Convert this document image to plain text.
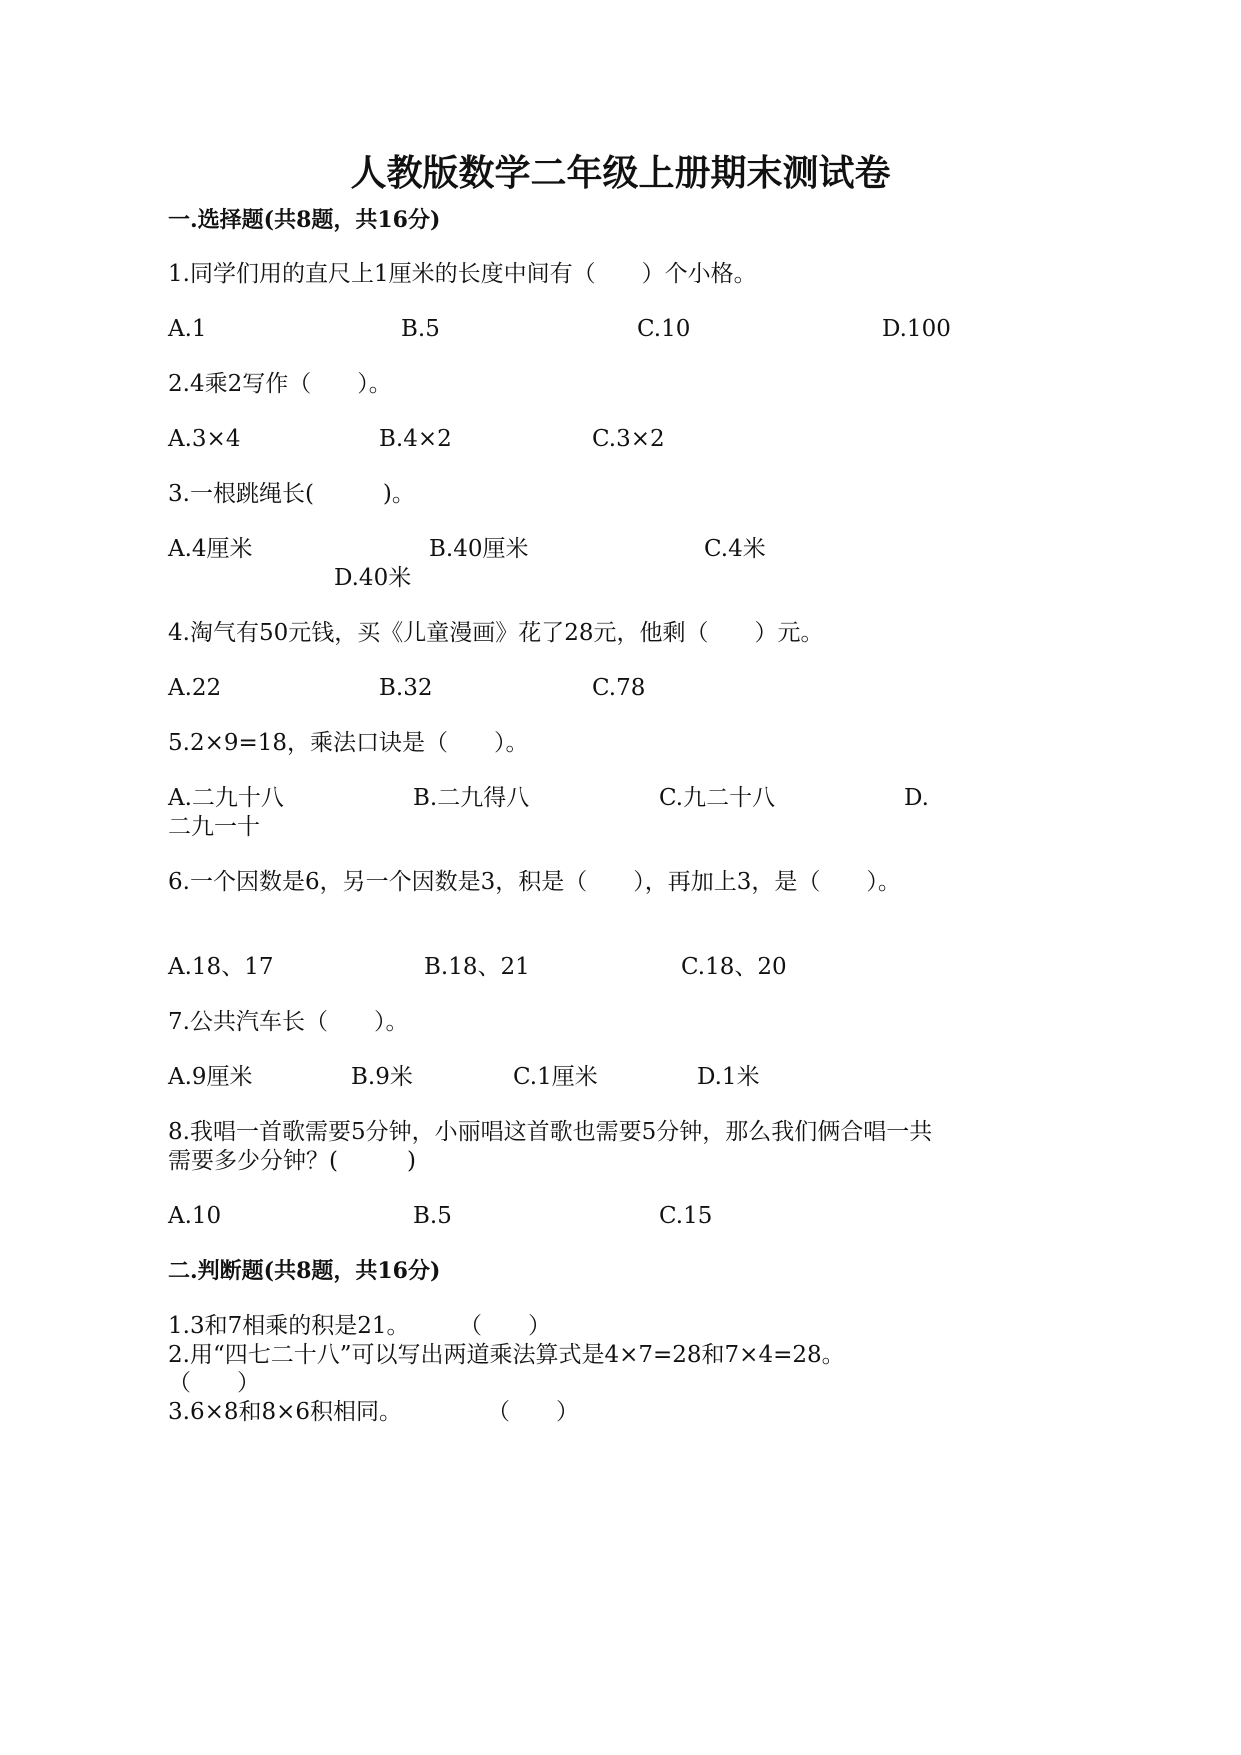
人教版数学二年级上册期末测试卷
一.选择题(共8题，共16分)
1.同学们用的直尺上1厘米的长度中间有（　　）个小格。
A.1	B.5	C.10	D.100
2.4乘2写作（　　）。
A.3×4	B.4×2	C.3×2
3.一根跳绳长(　　　)。
A.4厘米	B.40厘米	C.4米
D.40米
4.淘气有50元钱，买《儿童漫画》花了28元，他剩（　　）元。
A.22	B.32	C.78
5.2×9=18，乘法口诀是（　　）。
A.二九十八	B.二九得八	C.九二十八	D.
二九一十
6.一个因数是6，另一个因数是3，积是（　　），再加上3，是（　　）。
A.18、17	B.18、21	C.18、20
7.公共汽车长（　　）。
A.9厘米	B.9米	C.1厘米	D.1米
8.我唱一首歌需要5分钟，小丽唱这首歌也需要5分钟，那么我们俩合唱一共
需要多少分钟？(　　　)
A.10	B.5	C.15
二.判断题(共8题，共16分)
1.3和7相乘的积是21。 （　　）
2.用“四七二十八”可以写出两道乘法算式是4×7=28和7×4=28。
（　　）
3.6×8和8×6积相同。	（　　）
